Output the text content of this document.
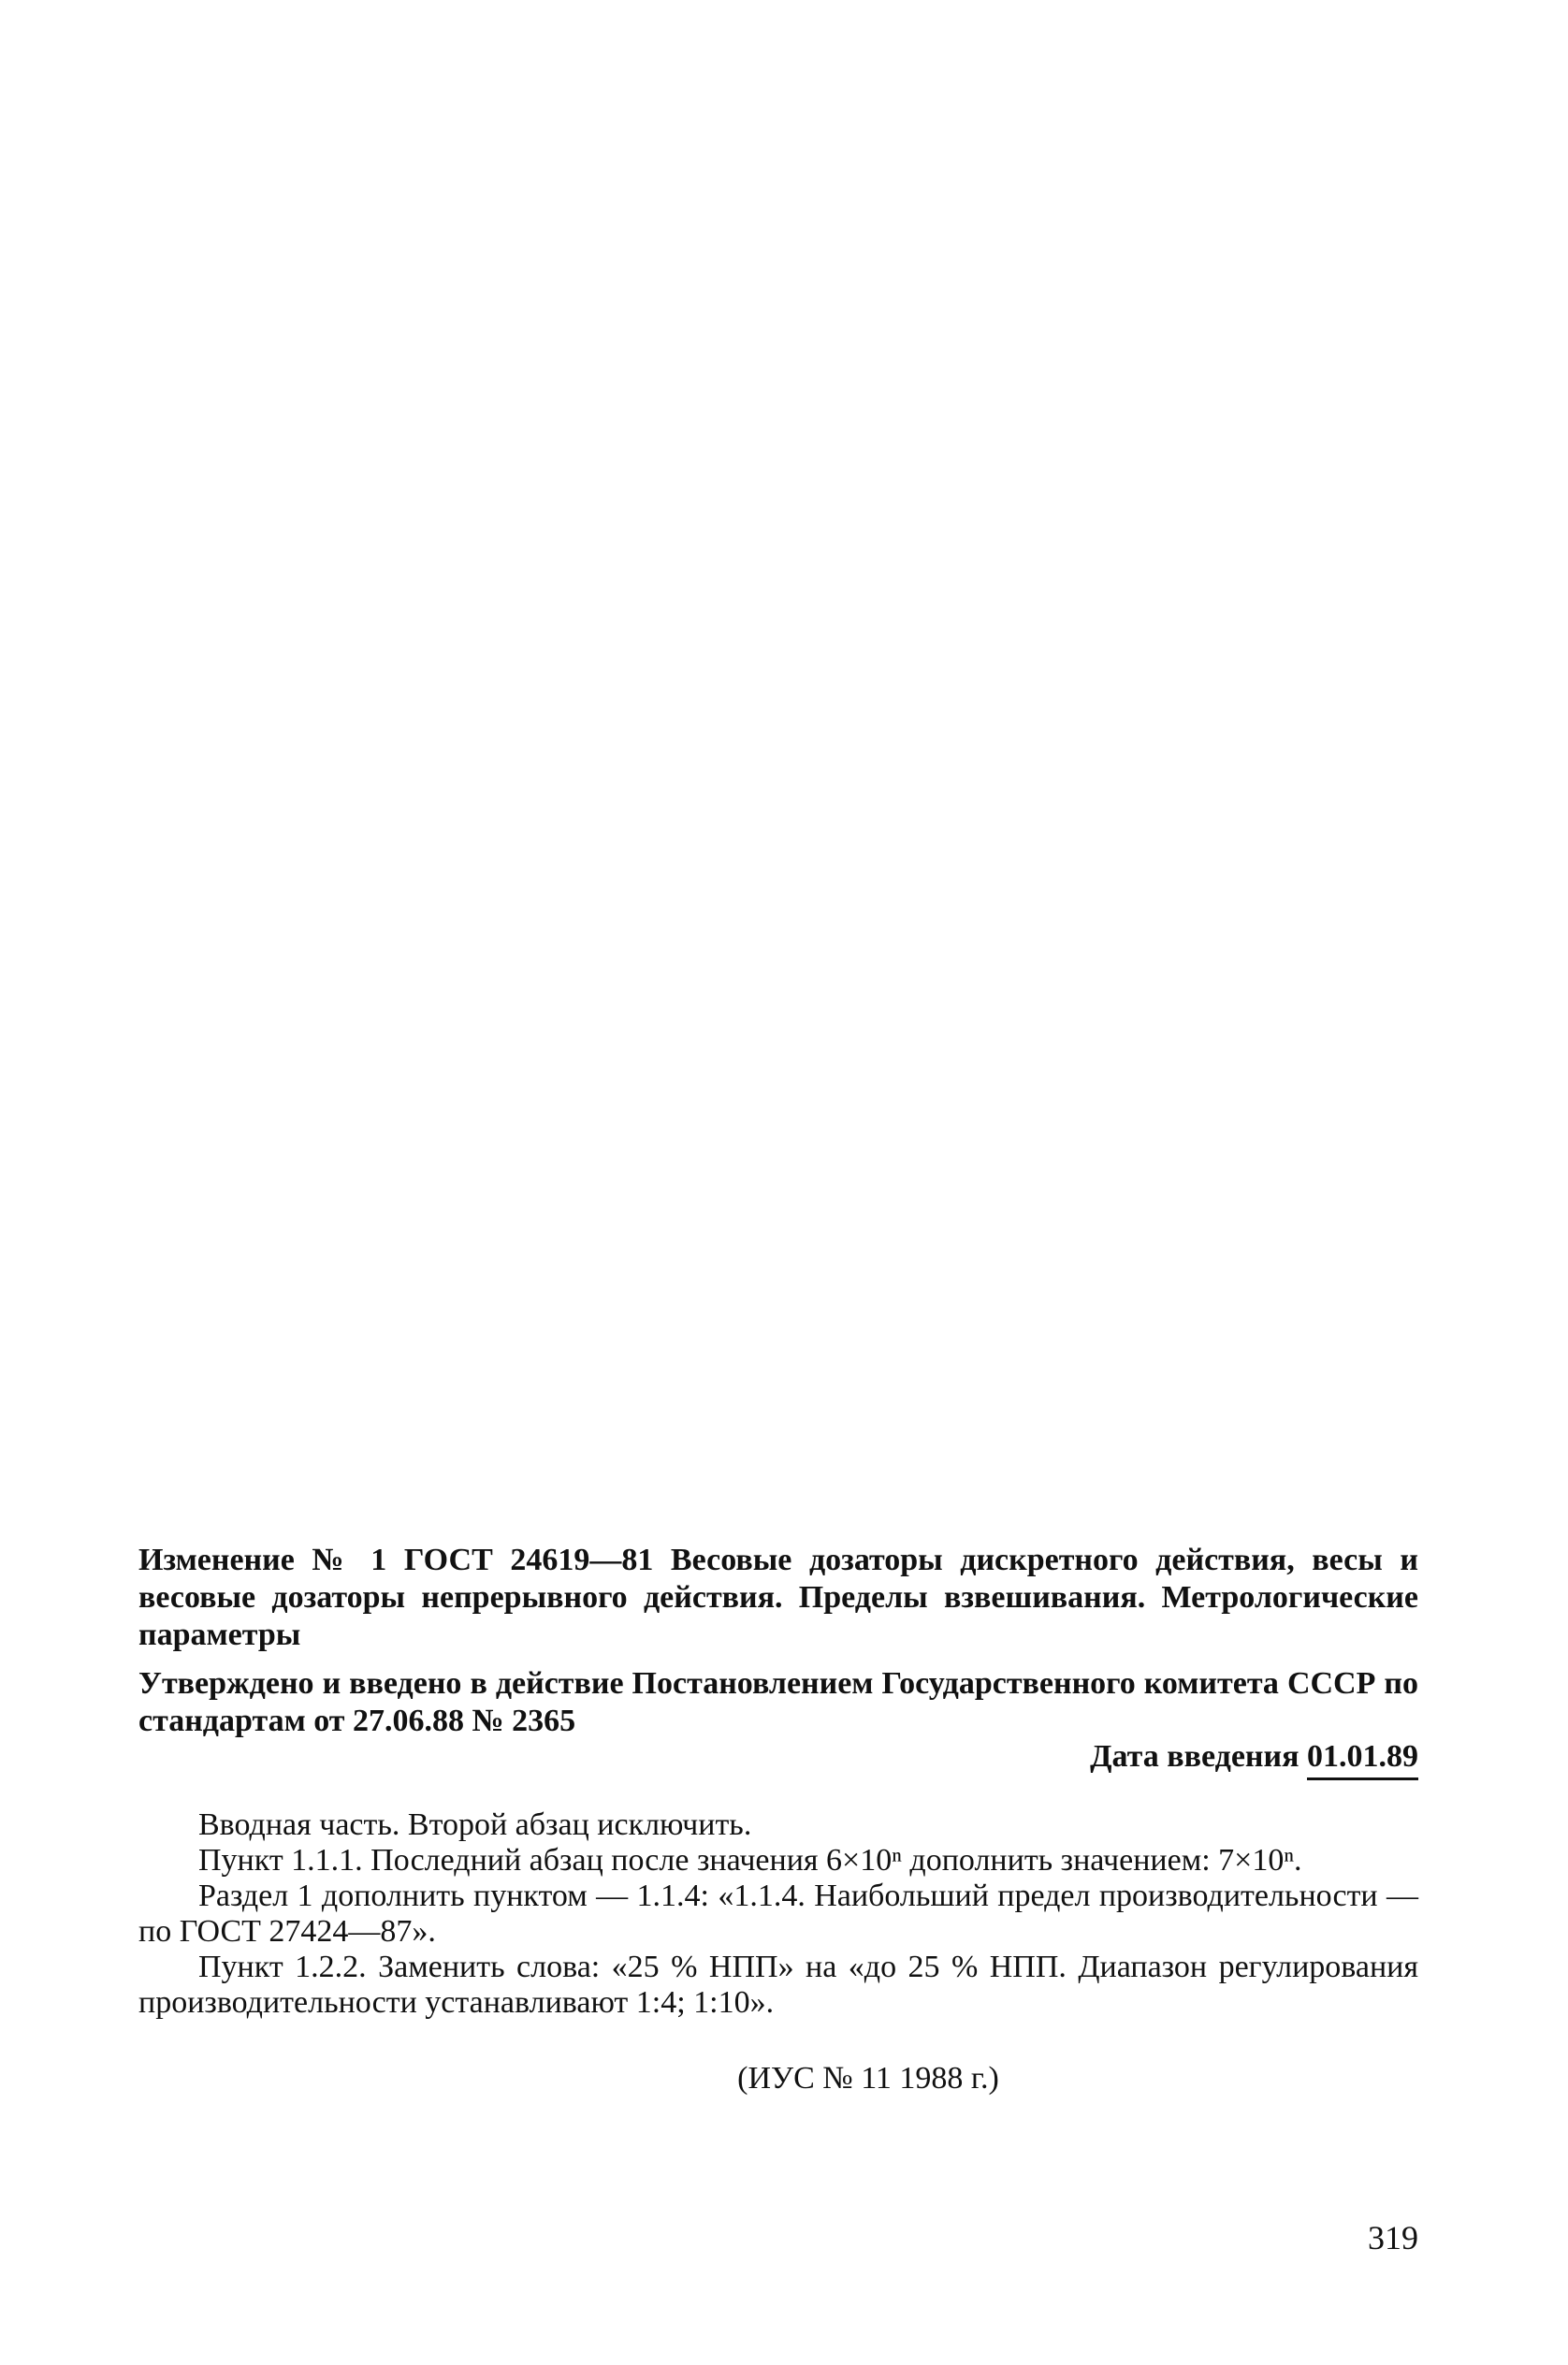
Изменение № 1 ГОСТ 24619—81 Весовые дозаторы дискретного действия, весы и весовые дозаторы непрерывного действия. Пределы взвешивания. Метрологические параметры
Утверждено и введено в действие Постановлением Государственного комитета СССР по стандартам от 27.06.88 № 2365
Дата введения 01.01.89

Вводная часть. Второй абзац исключить.

Пункт 1.1.1. Последний абзац после значения 6×10ⁿ дополнить значением: 7×10ⁿ.

Раздел 1 дополнить пунктом — 1.1.4: «1.1.4. Наибольший предел производительности — по ГОСТ 27424—87».

Пункт 1.2.2. Заменить слова: «25 % НПП» на «до 25 % НПП. Диапазон регулирования производительности устанавливают 1:4; 1:10».

(ИУС № 11 1988 г.)
319
